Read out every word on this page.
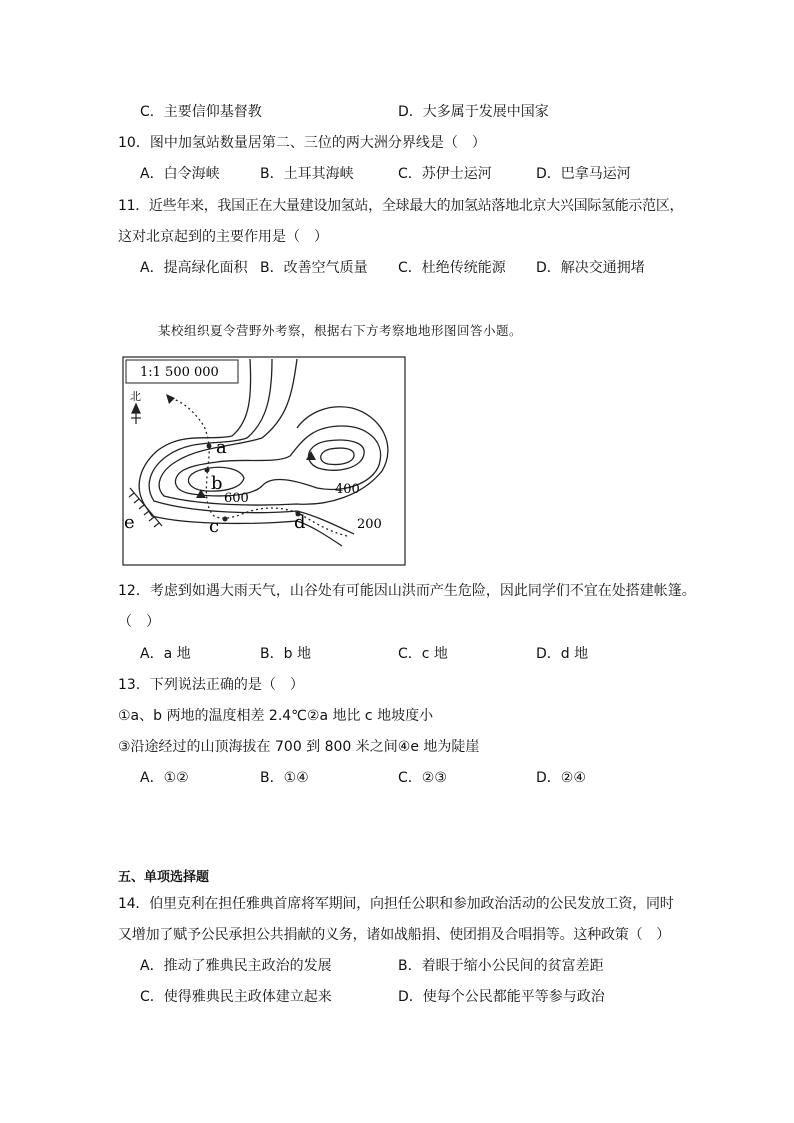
C．主要信仰基督教	D．大多属于发展中国家
10．图中加氢站数量居第二、三位的两大洲分界线是（　）
A．白令海峡	B．土耳其海峡	C．苏伊士运河	D．巴拿马运河
11．近些年来，我国正在大量建设加氢站，全球最大的加氢站落地北京大兴国际氢能示范区，
这对北京起到的主要作用是（　）
A．提高绿化面积 B．改善空气质量 C．杜绝传统能源 D．解决交通拥堵
某校组织夏令营野外考察，根据右下方考察地地形图回答小题。
1:1 500 000
北
a
b
c	d
e
600
400
200
12．考虑到如遇大雨天气，山谷处有可能因山洪而产生危险，因此同学们不宜在处搭建帐篷。
（　）
A．a 地	B．b 地	C．c 地	D．d 地
13．下列说法正确的是（　）
①a、b 两地的温度相差 2.4℃②a 地比 c 地坡度小
③沿途经过的山顶海拔在 700 到 800 米之间④e 地为陡崖
A．①②	B．①④	C．②③	D．②④
五、单项选择题
14．伯里克利在担任雅典首席将军期间，向担任公职和参加政治活动的公民发放工资，同时
又增加了赋予公民承担公共捐献的义务，诸如战船捐、使团捐及合唱捐等。这种政策（　）
A．推动了雅典民主政治的发展	B．着眼于缩小公民间的贫富差距
C．使得雅典民主政体建立起来	D．使每个公民都能平等参与政治
